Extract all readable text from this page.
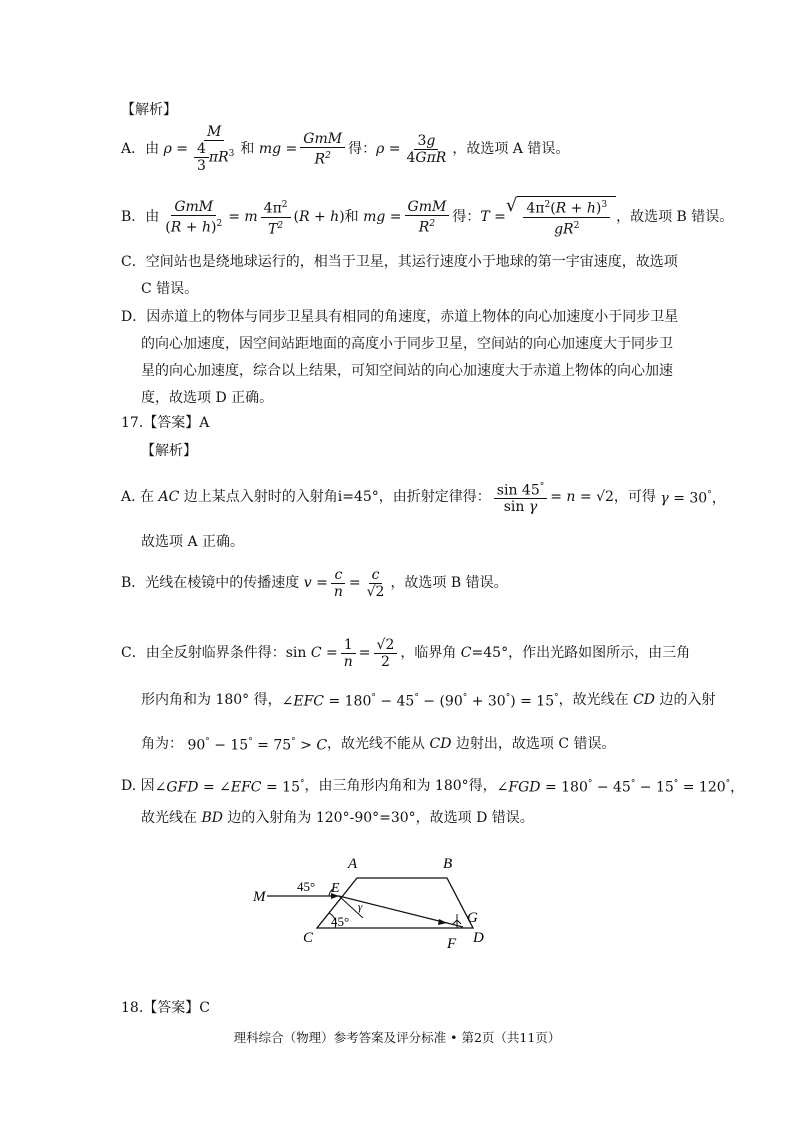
【解析】
A．由 $\rho = \frac{M}{\frac{4}{3} \pi R^3}$ 和 mg = $\frac{\text{GmM}}{R^2}$ 得： $\rho = \frac{3g}{\text{4GπR}}$ ，故选项 A 错误。
B．由 $\frac{\text{GmM}}{(R + h)^2} = m \frac{4\pi^2}{T^2} (R + h)$ 和 mg = $\frac{\text{GmM}}{R^2}$ 得： T =
√ $\frac{4\pi^2(R + h)^3}{gR^2}$ ，故选项 B 错误。
C．空间站也是绕地球运行的，相当于卫星，其运行速度小于地球的第一宇宙速度，故选项
C 错误。
D．因赤道上的物体与同步卫星具有相同的角速度，赤道上物体的向心加速度小于同步卫星
的向心加速度，因空间站距地面的高度小于同步卫星，空间站的向心加速度大于同步卫
星的向心加速度，综合以上结果，可知空间站的向心加速度大于赤道上物体的向心加速
度，故选项 D 正确。
17.【答案】A
【解析】
A. 在 AC 边上某点入射时的入射角 i=45° ，由折射定律得： $\frac{\sin 45^\circ}{\text{sin γ}} = n = √2$ ，可得 γ = 30°，
故选项 A 正确。
B．光线在棱镜中的传播速度 $v = \frac{c}{n} = \frac{c}{√2}$ ，故选项 B 错误。
C．由全反射临界条件得： $\sin C = \frac{1}{n} = \frac{√2}{2}$ ，临界角 C =45°，作出光路如图所示，由三角
形内角和为 180° 得， ∠EFC = 180° − 45° − (90° + 30°) = 15° ，故光线在 CD 边的入射
角为： 90° − 15° = 75° > C ，故光线不能从 CD 边射出，故选项 C 错误。
D. 因 ∠GFD = ∠EFC = 15° ，由三角形内角和为 180°得， ∠FGD = 180° − 45° − 15° = 120°，
故光线在 BD 边的入射角为 120°-90°=30°，故选项 D 错误。
A	B
C	D
E
F
G
M
45°
45°
γ
18.【答案】C
理科综合（物理）参考答案及评分标准 • 第2页（共11页）
